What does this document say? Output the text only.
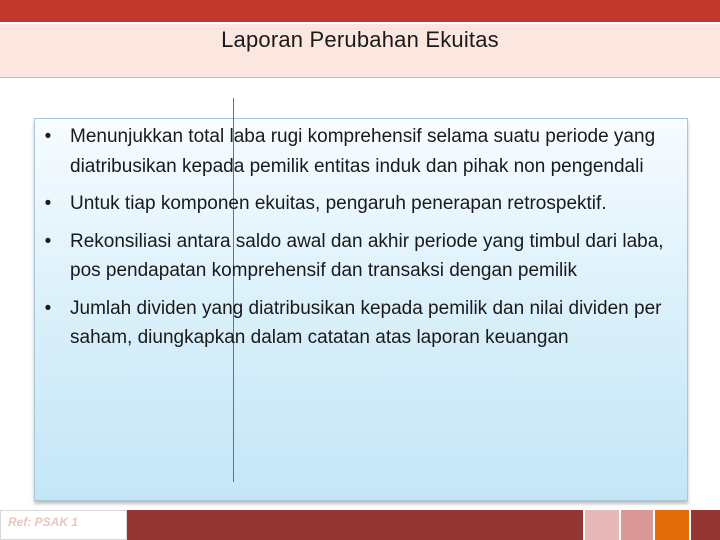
Laporan Perubahan Ekuitas
• Menunjukkan total laba rugi komprehensif selama suatu periode yang diatribusikan kepada pemilik entitas induk dan pihak non pengendali
• Untuk tiap komponen ekuitas, pengaruh penerapan retrospektif.
• Rekonsiliasi antara saldo awal dan akhir periode yang timbul dari laba, pos pendapatan komprehensif dan transaksi dengan pemilik
• Jumlah dividen yang diatribusikan kepada pemilik dan nilai dividen per saham, diungkapkan dalam catatan atas laporan keuangan
Ref: PSAK 1
